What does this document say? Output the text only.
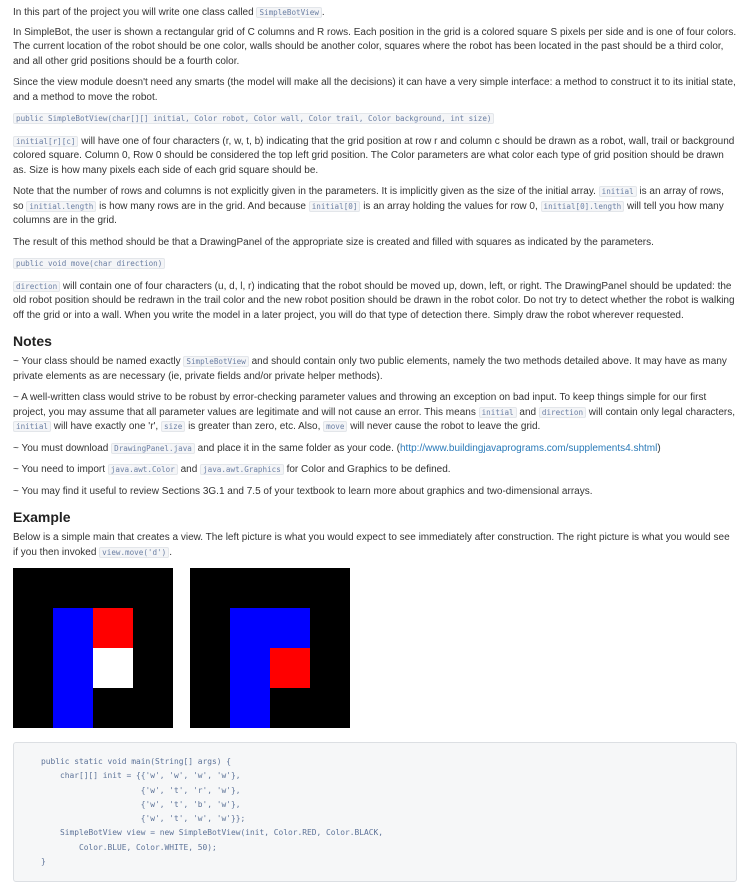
In this part of the project you will write one class called SimpleBotView .

In SimpleBot, the user is shown a rectangular grid of C columns and R rows. Each position in the grid is a colored square S pixels per side and is one of four colors. The current location of the robot should be one color, walls should be another color, squares where the robot has been located in the past should be a third color, and all other grid positions should be a fourth color.

Since the view module doesn't need any smarts (the model will make all the decisions) it can have a very simple interface: a method to construct it to its initial state, and a method to move the robot.

public SimpleBotView(char[][] initial, Color robot, Color wall, Color trail, Color background, int size)

initial[r][c] will have one of four characters (r, w, t, b) indicating that the grid position at row r and column c should be drawn as a robot, wall, trail or background colored square. Column 0, Row 0 should be considered the top left grid position. The Color parameters are what color each type of grid position should be drawn as. Size is how many pixels each side of each grid square should be.

Note that the number of rows and columns is not explicitly given in the parameters. It is implicitly given as the size of the initial array. initial is an array of rows, so initial.length is how many rows are in the grid. And because initial[0] is an array holding the values for row 0, initial[0].length will tell you how many columns are in the grid.

The result of this method should be that a DrawingPanel of the appropriate size is created and filled with squares as indicated by the parameters.

public void move(char direction)

direction will contain one of four characters (u, d, l, r) indicating that the robot should be moved up, down, left, or right. The DrawingPanel should be updated: the old robot position should be redrawn in the trail color and the new robot position should be drawn in the robot color. Do not try to detect whether the robot is walking off the grid or into a wall. When you write the model in a later project, you will do that type of detection there. Simply draw the robot wherever requested.

Notes

~ Your class should be named exactly SimpleBotView and should contain only two public elements, namely the two methods detailed above. It may have as many private elements as are necessary (ie, private fields and/or private helper methods).

~ A well-written class would strive to be robust by error-checking parameter values and throwing an exception on bad input. To keep things simple for our first project, you may assume that all parameter values are legitimate and will not cause an error. This means initial and direction will contain only legal characters, initial will have exactly one 'r', size is greater than zero, etc. Also, move will never cause the robot to leave the grid.

~ You must download DrawingPanel.java and place it in the same folder as your code. (http://www.buildingjavaprograms.com/supplements4.shtml)

~ You need to import java.awt.Color and java.awt.Graphics for Color and Graphics to be defined.

~ You may find it useful to review Sections 3G.1 and 7.5 of your textbook to learn more about graphics and two-dimensional arrays.

Example

Below is a simple main that creates a view. The left picture is what you would expect to see immediately after construction. The right picture is what you would see if you then invoked view.move('d') .

public static void main(String[] args) {
char[][] init = {{'w', 'w', 'w', 'w'},
{'w', 't', 'r', 'w'},
{'w', 't', 'b', 'w'},
{'w', 't', 'w', 'w'}};
SimpleBotView view = new SimpleBotView(init, Color.RED, Color.BLACK,
Color.BLUE, Color.WHITE, 50);
}
